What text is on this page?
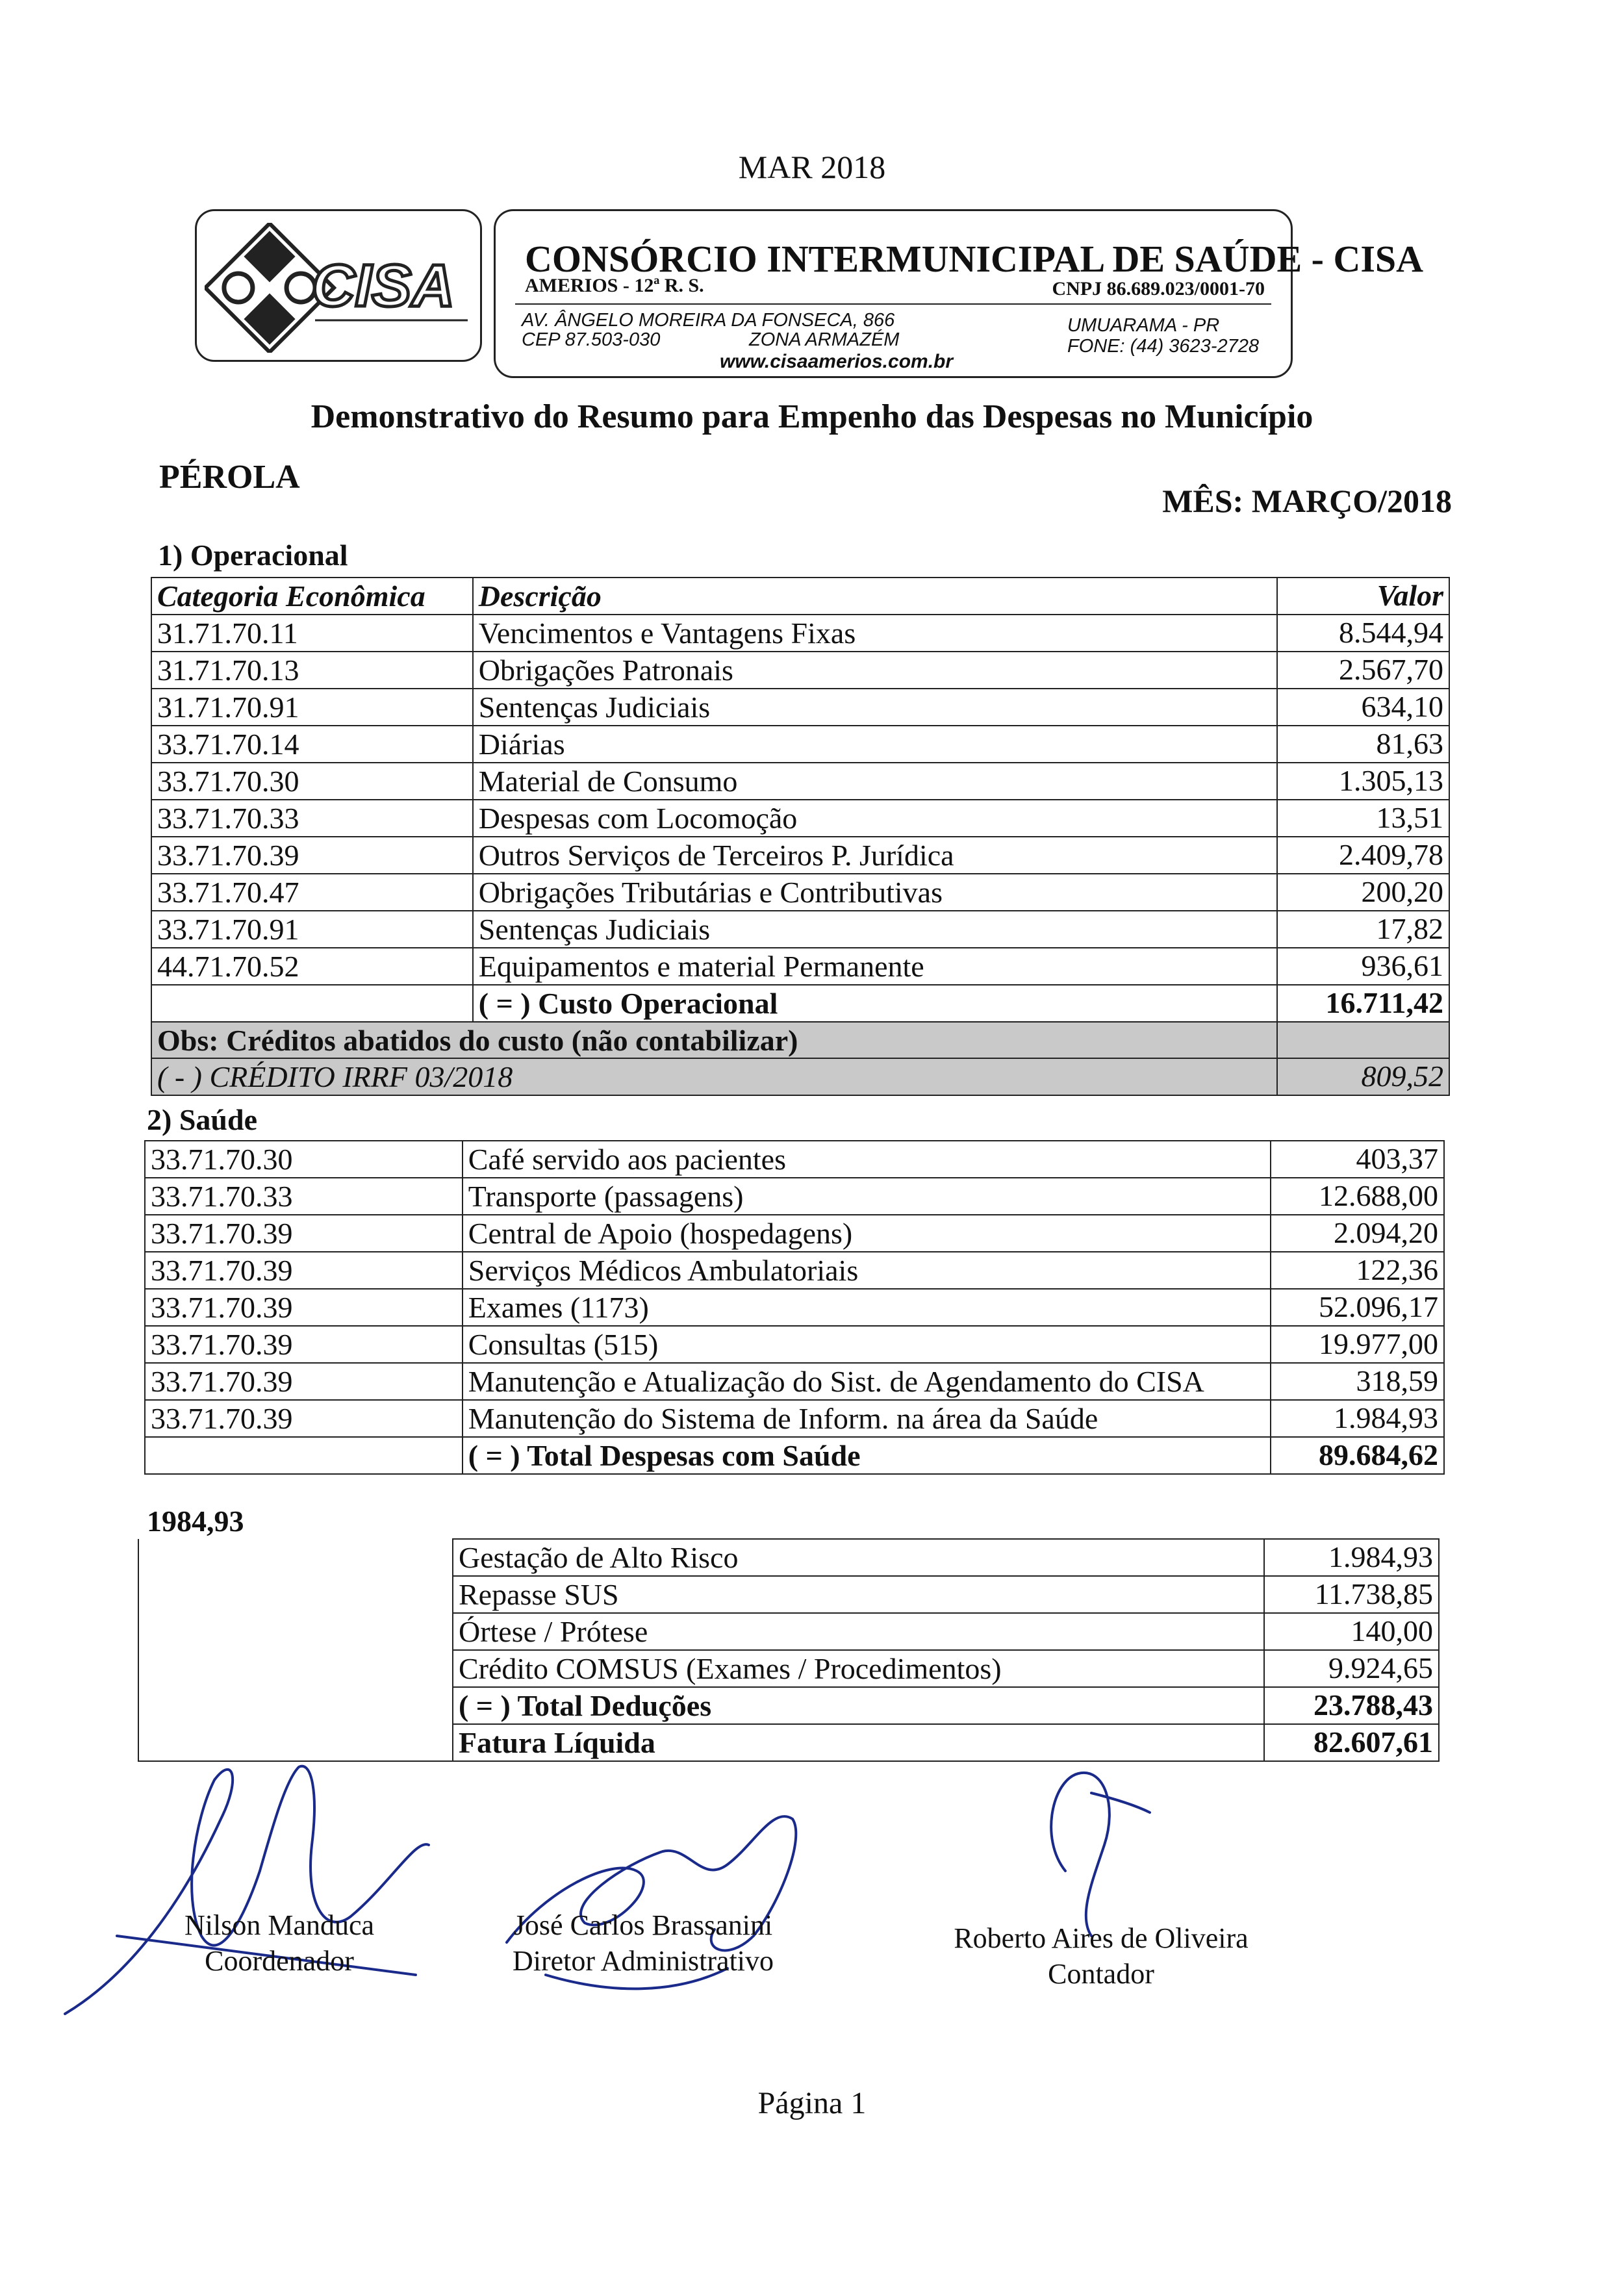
MAR 2018
CISA CONSÓRCIO INTERMUNICIPAL DE SAÚDE - CISA
AMERIOS - 12ª R. S.	CNPJ 86.689.023/0001-70
AV. ÂNGELO MOREIRA DA FONSECA, 866
CEP 87.503-030	ZONA ARMAZÉM
UMUARAMA - PR
FONE: (44) 3623-2728
www.cisaamerios.com.br
Demonstrativo do Resumo para Empenho das Despesas no Município
PÉROLA
MÊS: MARÇO/2018
1) Operacional
Categoria Econômica	Descrição	Valor
31.71.70.11	Vencimentos e Vantagens Fixas	8.544,94
31.71.70.13	Obrigações Patronais	2.567,70
31.71.70.91	Sentenças Judiciais	634,10
33.71.70.14	Diárias	81,63
33.71.70.30	Material de Consumo	1.305,13
33.71.70.33	Despesas com Locomoção	13,51
33.71.70.39	Outros Serviços de Terceiros P. Jurídica	2.409,78
33.71.70.47	Obrigações Tributárias e Contributivas	200,20
33.71.70.91	Sentenças Judiciais	17,82
44.71.70.52	Equipamentos e material Permanente	936,61
	( = ) Custo Operacional	16.711,42
Obs: Créditos abatidos do custo (não contabilizar)		
( - ) CRÉDITO IRRF 03/2018		809,52
2) Saúde
33.71.70.30	Café servido aos pacientes	403,37
33.71.70.33	Transporte (passagens)	12.688,00
33.71.70.39	Central de Apoio (hospedagens)	2.094,20
33.71.70.39	Serviços Médicos Ambulatoriais	122,36
33.71.70.39	Exames (1173)	52.096,17
33.71.70.39	Consultas (515)	19.977,00
33.71.70.39	Manutenção e Atualização do Sist. de Agendamento do CISA	318,59
33.71.70.39	Manutenção do Sistema de Inform. na área da Saúde	1.984,93
	( = ) Total Despesas com Saúde	89.684,62
1984,93
	Gestação de Alto Risco	1.984,93
	Repasse SUS	11.738,85
	Órtese / Prótese	140,00
	Crédito COMSUS (Exames / Procedimentos)	9.924,65
	( = ) Total Deduções	23.788,43
	Fatura Líquida	82.607,61
Nilson Manduca
Coordenador
José Carlos Brassanini
Diretor Administrativo
Roberto Aires de Oliveira
Contador
Página 1
